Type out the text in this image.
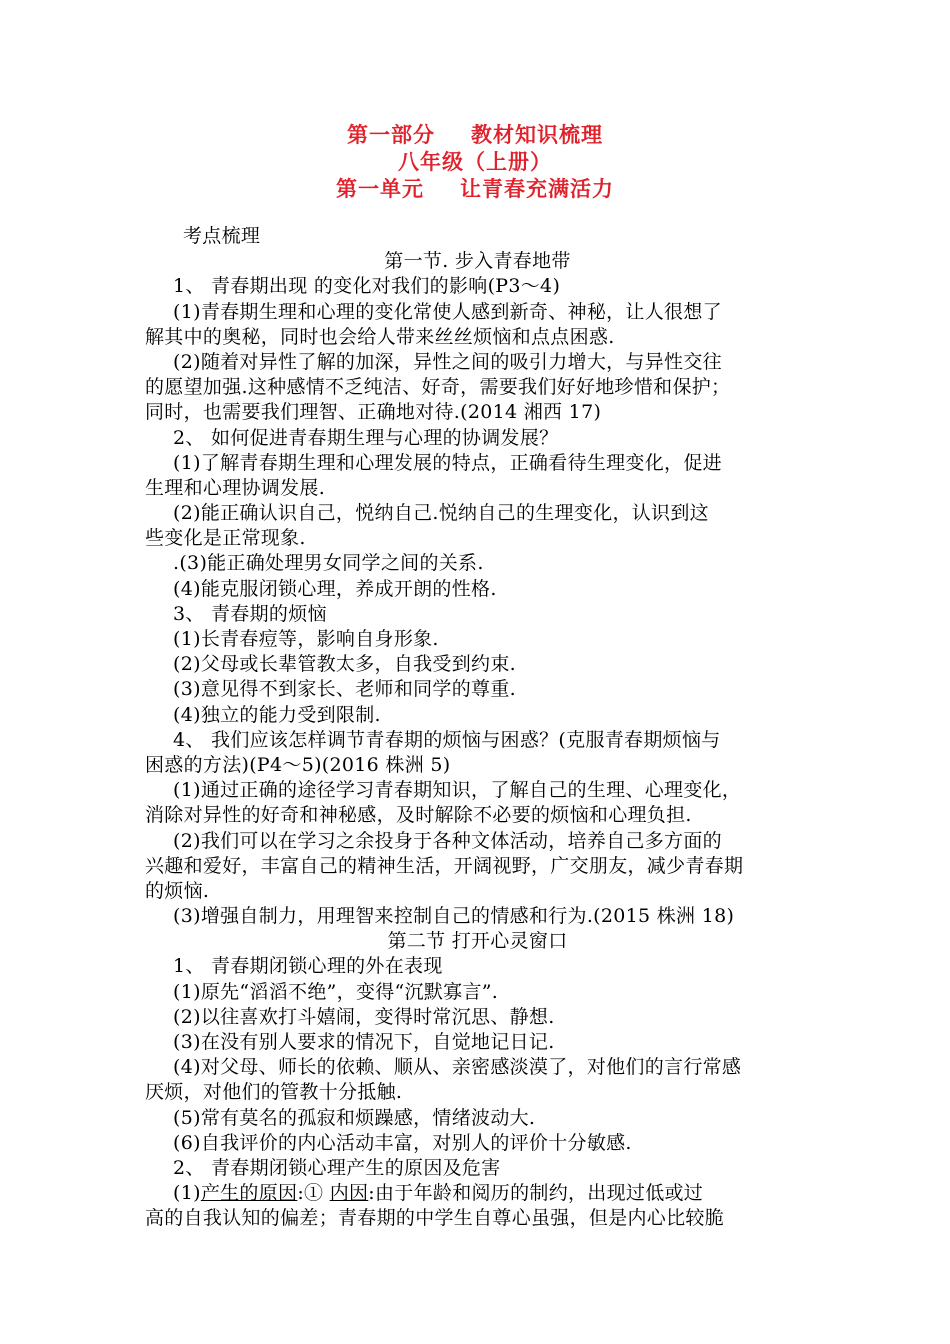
第一部分 教材知识梳理
八年级（上册）
第一单元 让青春充满活力
考点梳理
第一节. 步入青春地带
1、 青春期出现 的变化对我们的影响(P3～4)
(1)青春期生理和心理的变化常使人感到新奇、神秘，让人很想了
解其中的奥秘，同时也会给人带来丝丝烦恼和点点困惑.
(2)随着对异性了解的加深，异性之间的吸引力增大，与异性交往
的愿望加强.这种感情不乏纯洁、好奇，需要我们好好地珍惜和保护；
同时，也需要我们理智、正确地对待.(2014 湘西 17)
2、 如何促进青春期生理与心理的协调发展？
(1)了解青春期生理和心理发展的特点，正确看待生理变化，促进
生理和心理协调发展.
(2)能正确认识自己，悦纳自己.悦纳自己的生理变化，认识到这
些变化是正常现象.
.(3)能正确处理男女同学之间的关系.
(4)能克服闭锁心理，养成开朗的性格.
3、 青春期的烦恼
(1)长青春痘等，影响自身形象.
(2)父母或长辈管教太多，自我受到约束.
(3)意见得不到家长、老师和同学的尊重.
(4)独立的能力受到限制.
4、 我们应该怎样调节青春期的烦恼与困惑？(克服青春期烦恼与
困惑的方法)(P4～5)(2016 株洲 5)
(1)通过正确的途径学习青春期知识，了解自己的生理、心理变化，
消除对异性的好奇和神秘感，及时解除不必要的烦恼和心理负担.
(2)我们可以在学习之余投身于各种文体活动，培养自己多方面的
兴趣和爱好，丰富自己的精神生活，开阔视野，广交朋友，减少青春期
的烦恼.
(3)增强自制力，用理智来控制自己的情感和行为.(2015 株洲 18)
第二节 打开心灵窗口
1、 青春期闭锁心理的外在表现
(1)原先“滔滔不绝”，变得“沉默寡言”.
(2)以往喜欢打斗嬉闹，变得时常沉思、静想.
(3)在没有别人要求的情况下，自觉地记日记.
(4)对父母、师长的依赖、顺从、亲密感淡漠了，对他们的言行常感
厌烦，对他们的管教十分抵触.
(5)常有莫名的孤寂和烦躁感，情绪波动大.
(6)自我评价的内心活动丰富，对别人的评价十分敏感.
2、 青春期闭锁心理产生的原因及危害
(1)产生的原因:① 内因:由于年龄和阅历的制约，出现过低或过
高的自我认知的偏差；青春期的中学生自尊心虽强，但是内心比较脆
